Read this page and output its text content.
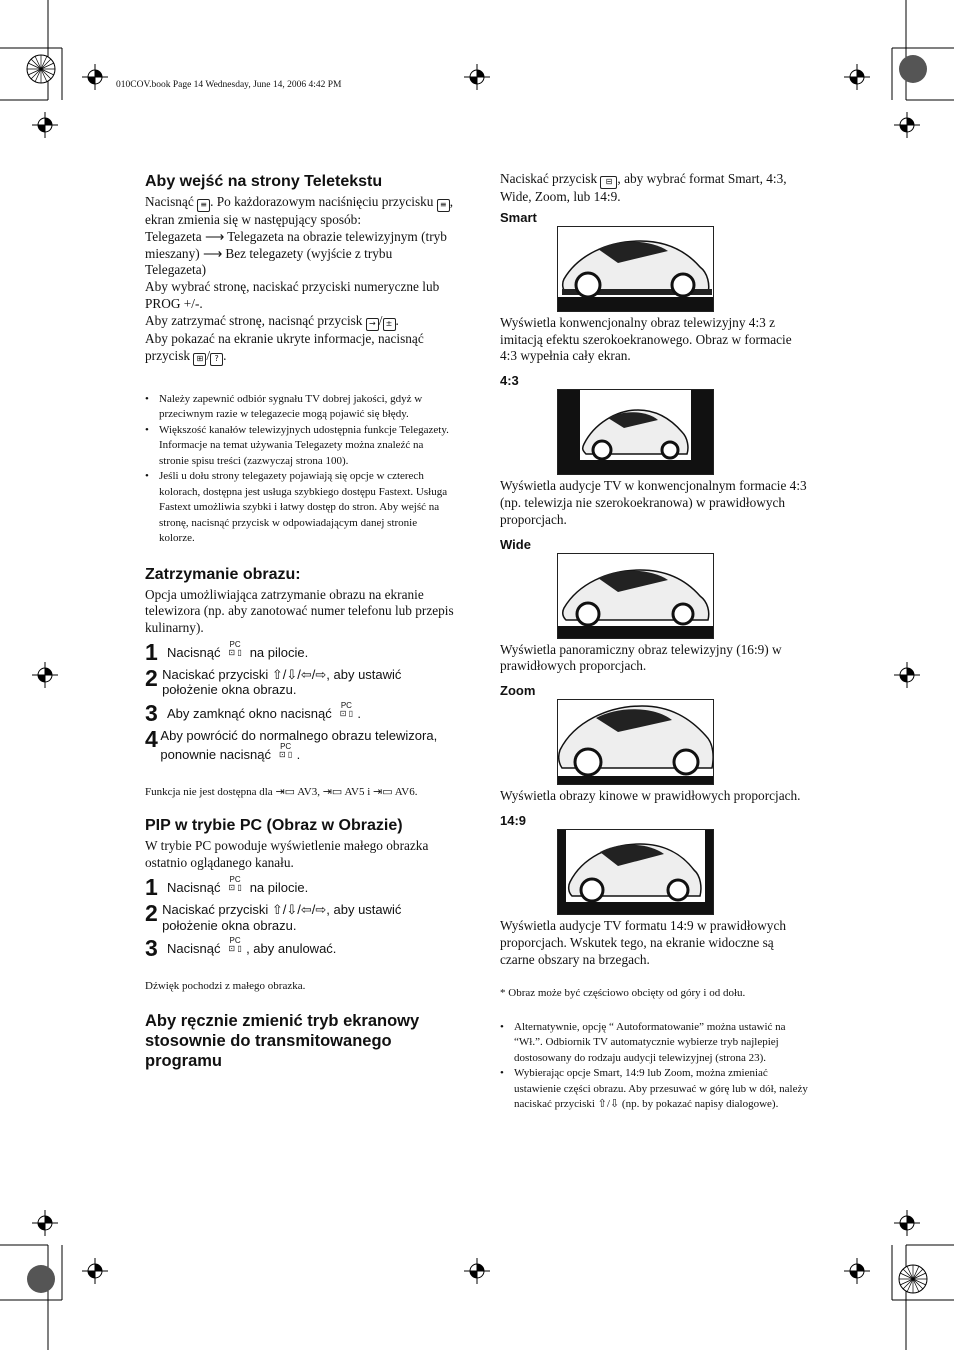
010COV.book Page 14 Wednesday, June 14, 2006 4:42 PM
Aby wejść na strony Teletekstu
Nacisnąć ≡ . Po każdorazowym naciśnięciu przycisku ≡ , ekran zmienia się w następujący sposób:
Telegazeta ⟶ Telegazeta na obrazie telewizyjnym (tryb mieszany) ⟶ Bez telegazety (wyjście z trybu Telegazeta)
Aby wybrać stronę, naciskać przyciski numeryczne lub PROG +/-.
Aby zatrzymać stronę, nacisnąć przycisk → / ± .
Aby pokazać na ekranie ukryte informacje, nacisnąć przycisk ⊞ / ? .
• Należy zapewnić odbiór sygnału TV dobrej jakości, gdyż w przeciwnym razie w telegazecie mogą pojawić się błędy.
• Większość kanałów telewizyjnych udostępnia funkcje Telegazety. Informacje na temat używania Telegazety można znaleźć na stronie spisu treści (zazwyczaj strona 100).
• Jeśli u dołu strony telegazety pojawiają się opcje w czterech kolorach, dostępna jest usługa szybkiego dostępu Fastext. Usługa Fastext umożliwia szybki i łatwy dostęp do stron. Aby wejść na stronę, nacisnąć przycisk w odpowiadającym danej stronie kolorze.
Zatrzymanie obrazu:
Opcja umożliwiająca zatrzymanie obrazu na ekranie telewizora (np. aby zanotować numer telefonu lub przepis kulinarny).
1 Nacisnąć PC
⊡ ▯ na pilocie.
2 Naciskać przyciski ⇧/⇩/⇦/⇨, aby ustawić położenie okna obrazu.
3 Aby zamknąć okno nacisnąć PC
⊡ ▯ .
4 Aby powrócić do normalnego obrazu telewizora, ponownie nacisnąć PC
⊡ ▯ .
Funkcja nie jest dostępna dla ⇥▭ AV3, ⇥▭ AV5 i ⇥▭ AV6.
PIP w trybie PC (Obraz w Obrazie)
W trybie PC powoduje wyświetlenie małego obrazka ostatnio oglądanego kanału.
1 Nacisnąć PC
⊡ ▯ na pilocie.
2 Naciskać przyciski ⇧/⇩/⇦/⇨, aby ustawić położenie okna obrazu.
3 Nacisnąć PC
⊡ ▯ , aby anulować.
Dźwięk pochodzi z małego obrazka.
Aby ręcznie zmienić tryb ekranowy stosownie do transmitowanego programu
Naciskać przycisk ⊟ , aby wybrać format Smart, 4:3, Wide, Zoom, lub 14:9.
Smart
Wyświetla konwencjonalny obraz telewizyjny 4:3 z imitacją efektu szerokoekranowego. Obraz w formacie 4:3 wypełnia cały ekran.
4:3
Wyświetla audycje TV w konwencjonalnym formacie 4:3 (np. telewizja nie szerokoekranowa) w prawidłowych proporcjach.
Wide
Wyświetla panoramiczny obraz telewizyjny (16:9) w prawidłowych proporcjach.
Zoom
Wyświetla obrazy kinowe w prawidłowych proporcjach.
14:9
Wyświetla audycje TV formatu 14:9 w prawidłowych proporcjach. Wskutek tego, na ekranie widoczne są czarne obszary na brzegach.
* Obraz może być częściowo obcięty od góry i od dołu.
• Alternatywnie, opcję “ Autoformatowanie” można ustawić na “Wł.”. Odbiornik TV automatycznie wybierze tryb najlepiej dostosowany do rodzaju audycji telewizyjnej (strona 23).
• Wybierając opcje Smart, 14:9 lub Zoom, można zmieniać ustawienie części obrazu. Aby przesuwać w górę lub w dół, należy naciskać przyciski ⇧/⇩ (np. by pokazać napisy dialogowe).
